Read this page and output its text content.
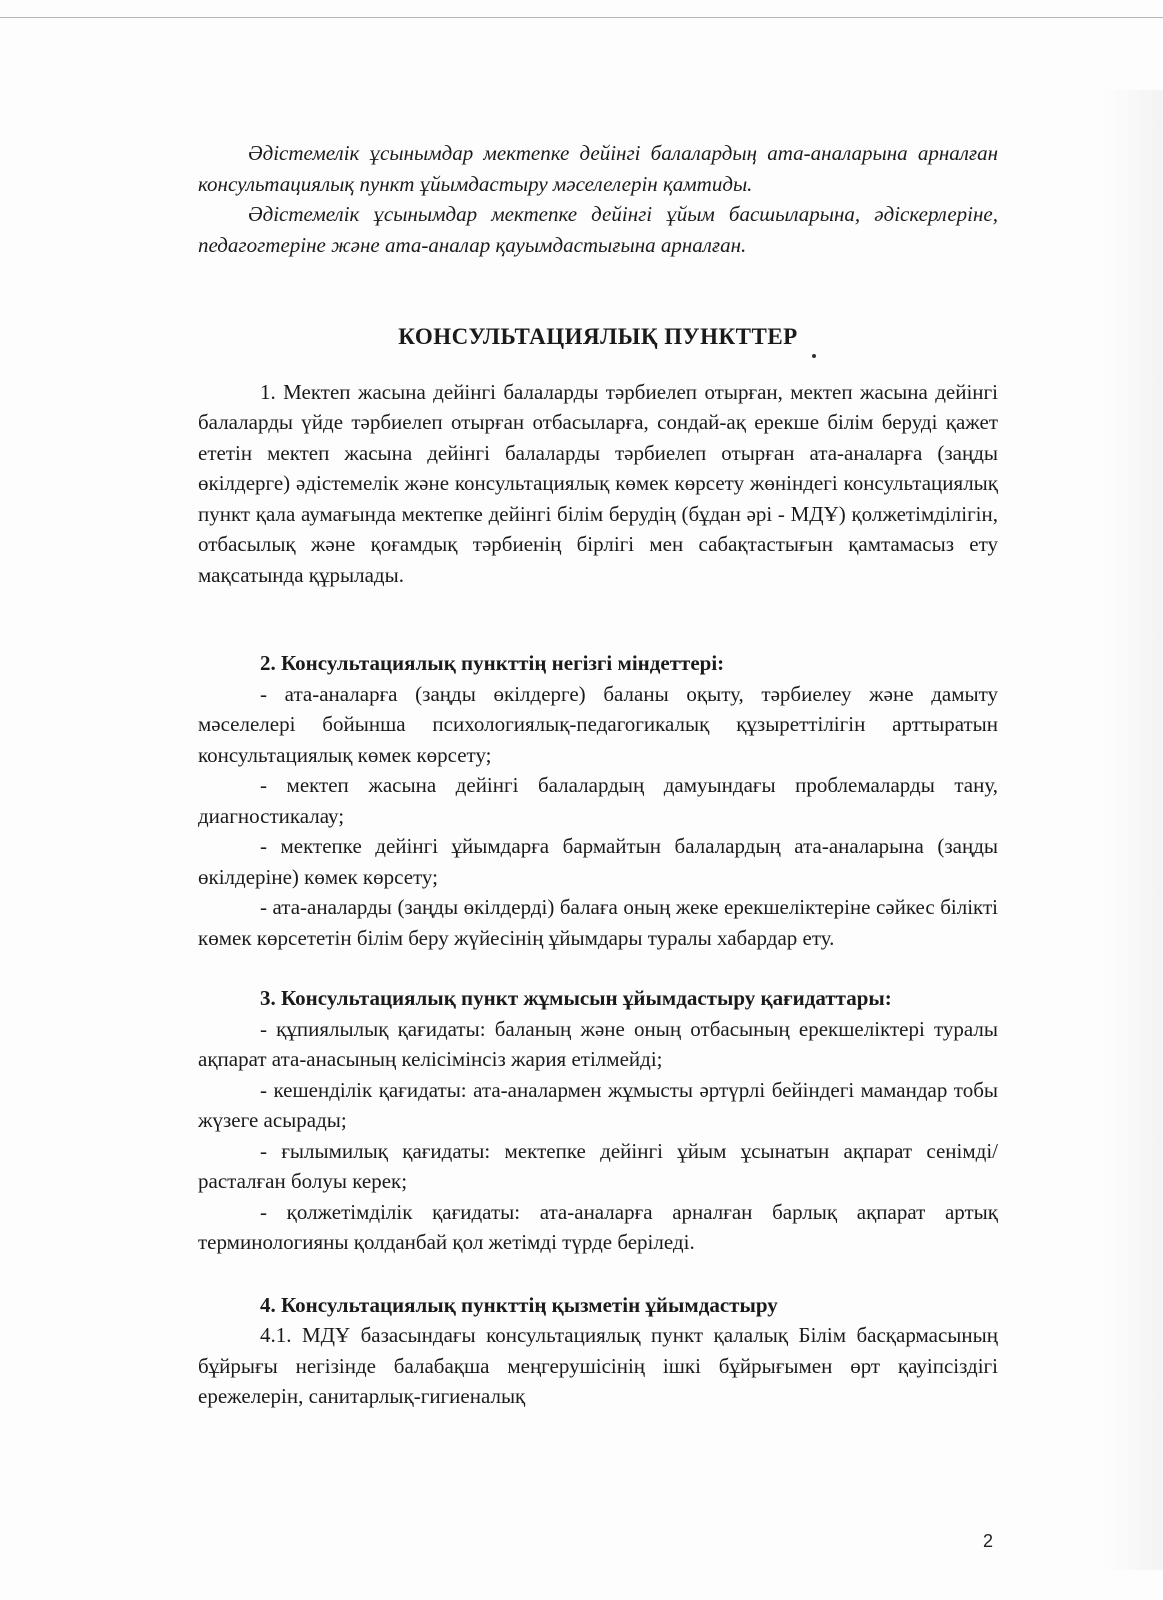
Әдістемелік ұсынымдар мектепке дейінгі балалардың ата-аналарына арналған консультациялық пункт ұйымдастыру мәселелерін қамтиды.

Әдістемелік ұсынымдар мектепке дейінгі ұйым басшыларына, әдіскерлеріне, педагогтеріне және ата-аналар қауымдастығына арналған.

КОНСУЛЬТАЦИЯЛЫҚ ПУНКТТЕР

1. Мектеп жасына дейінгі балаларды тәрбиелеп отырған, мектеп жасына дейінгі балаларды үйде тәрбиелеп отырған отбасыларға, сондай-ақ ерекше білім беруді қажет ететін мектеп жасына дейінгі балаларды тәрбиелеп отырған ата-аналарға (заңды өкілдерге) әдістемелік және консультациялық көмек көрсету жөніндегі консультациялық пункт қала аумағында мектепке дейінгі білім берудің (бұдан әрі - МДҰ) қолжетімділігін, отбасылық және қоғамдық тәрбиенің бірлігі мен сабақтастығын қамтамасыз ету мақсатында құрылады.

2. Консультациялық пункттің негізгі міндеттері:

- ата-аналарға (заңды өкілдерге) баланы оқыту, тәрбиелеу және дамыту мәселелері бойынша психологиялық-педагогикалық құзыреттілігін арттыратын консультациялық көмек көрсету;

- мектеп жасына дейінгі балалардың дамуындағы проблемаларды тану, диагностикалау;

- мектепке дейінгі ұйымдарға бармайтын балалардың ата-аналарына (заңды өкілдеріне) көмек көрсету;

- ата-аналарды (заңды өкілдерді) балаға оның жеке ерекшеліктеріне сәйкес білікті көмек көрсететін білім беру жүйесінің ұйымдары туралы хабардар ету.

3. Консультациялық пункт жұмысын ұйымдастыру қағидаттары:

- құпиялылық қағидаты: баланың және оның отбасының ерекшеліктері туралы ақпарат ата-анасының келісімінсіз жария етілмейді;

- кешенділік қағидаты: ата-аналармен жұмысты әртүрлі бейіндегі мамандар тобы жүзеге асырады;

- ғылымилық қағидаты: мектепке дейінгі ұйым ұсынатын ақпарат сенімді/расталған болуы керек;

- қолжетімділік қағидаты: ата-аналарға арналған барлық ақпарат артық терминологияны қолданбай қол жетімді түрде беріледі.

4. Консультациялық пункттің қызметін ұйымдастыру

4.1. МДҰ базасындағы консультациялық пункт қалалық Білім басқармасының бұйрығы негізінде балабақша меңгерушісінің ішкі бұйрығымен өрт қауіпсіздігі ережелерін, санитарлық-гигиеналық

2
